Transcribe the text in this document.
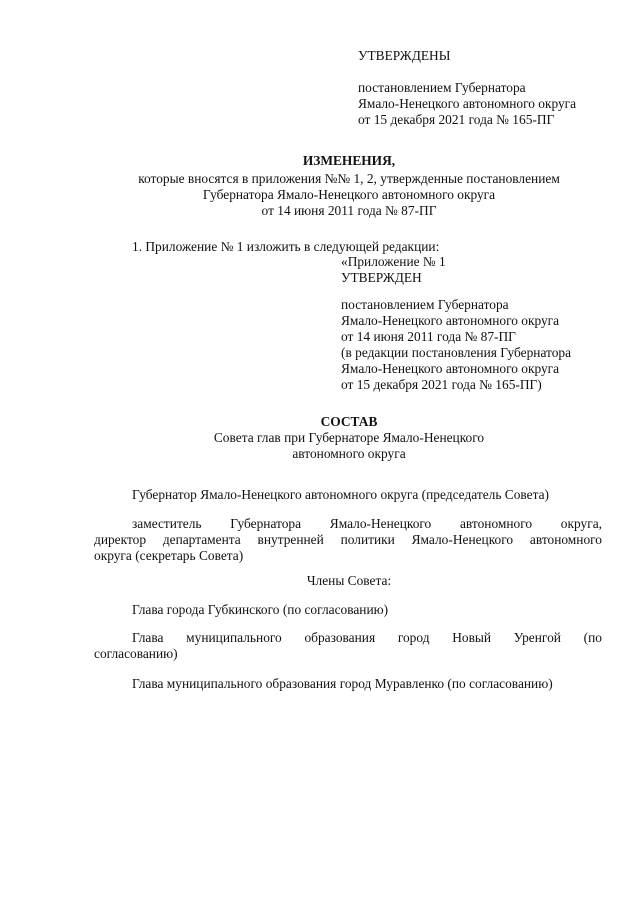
УТВЕРЖДЕНЫ
постановлением Губернатора
Ямало-Ненецкого автономного округа
от 15 декабря 2021 года № 165-ПГ
ИЗМЕНЕНИЯ,
которые вносятся в приложения №№ 1, 2, утвержденные постановлением
Губернатора Ямало-Ненецкого автономного округа
от 14 июня 2011 года № 87-ПГ
1. Приложение № 1 изложить в следующей редакции:
«Приложение № 1
УТВЕРЖДЕН
постановлением Губернатора
Ямало-Ненецкого автономного округа
от 14 июня 2011 года № 87-ПГ
(в редакции постановления Губернатора
Ямало-Ненецкого автономного округа
от 15 декабря 2021 года № 165-ПГ)
СОСТАВ
Совета глав при Губернаторе Ямало-Ненецкого
автономного округа
Губернатор Ямало-Ненецкого автономного округа (председатель Совета)
заместитель Губернатора Ямало-Ненецкого автономного округа,
директор департамента внутренней политики Ямало-Ненецкого автономного
округа (секретарь Совета)
Члены Совета:
Глава города Губкинского (по согласованию)
Глава муниципального образования город Новый Уренгой (по
согласованию)
Глава муниципального образования город Муравленко (по согласованию)
